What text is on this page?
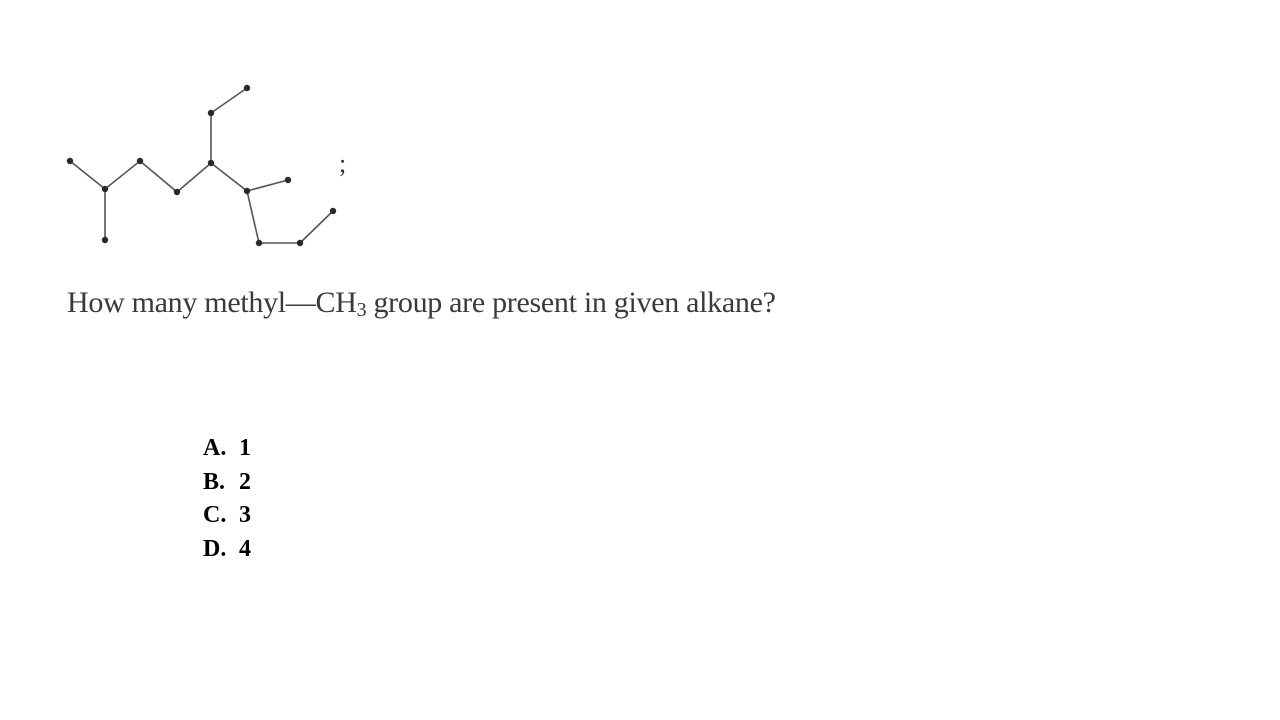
;
How many $methyl—CH_3$ group are present in given alkane?
A. 1
B. 2
C. 3
D. 4
